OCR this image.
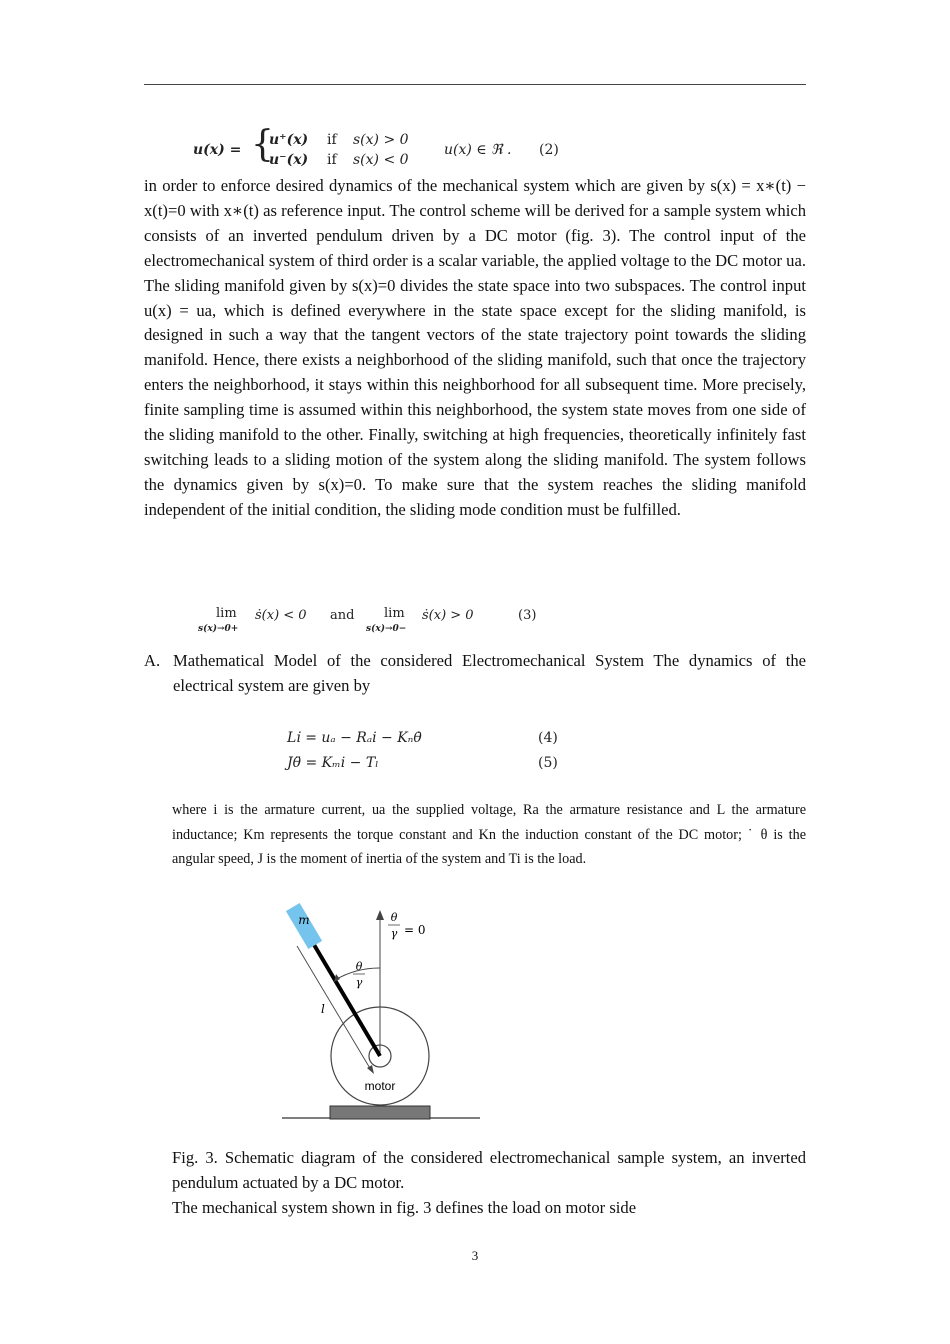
u(x) = {
u⁺(x) if s(x) > 0
u⁻(x) if s(x) < 0
u(x) ∈ ℜ . (2)
in order to enforce desired dynamics of the mechanical system which are given by s(x) = x∗(t) − x(t)=0 with x∗(t) as reference input. The control scheme will be derived for a sample system which consists of an inverted pendulum driven by a DC motor (fig. 3). The control input of the electromechanical system of third order is a scalar variable, the applied voltage to the DC motor ua. The sliding manifold given by s(x)=0 divides the state space into two subspaces. The control input u(x) = ua, which is defined everywhere in the state space except for the sliding manifold, is designed in such a way that the tangent vectors of the state trajectory point towards the sliding manifold. Hence, there exists a neighborhood of the sliding manifold, such that once the trajectory enters the neighborhood, it stays within this neighborhood for all subsequent time. More precisely, finite sampling time is assumed within this neighborhood, the system state moves from one side of the sliding manifold to the other. Finally, switching at high frequencies, theoretically infinitely fast switching leads to a sliding motion of the system along the sliding manifold. The system follows the dynamics given by s(x)=0. To make sure that the system reaches the sliding manifold independent of the initial condition, the sliding mode condition must be fulfilled.
lim
s(x)→0+
ṡ(x) < 0 and lim
s(x)→0−
ṡ(x) > 0	(3)
A. Mathematical Model of the considered Electromechanical System The dynamics of the electrical system are given by
Li̇ = uₐ − Rₐi − Kₙθ̇	(4)
Jθ̈ = Kₘi − Tₗ	(5)
where i is the armature current, ua the supplied voltage, Ra the armature resistance and L the armature inductance; Km represents the torque constant and Kn the induction constant of the DC motor; ˙ θ is the angular speed, J is the moment of inertia of the system and Ti is the load.
motor
m
l
θ
γ
θ
γ = 0
Fig. 3. Schematic diagram of the considered electromechanical sample system, an inverted pendulum actuated by a DC motor.
The mechanical system shown in fig. 3 defines the load on motor side
3
